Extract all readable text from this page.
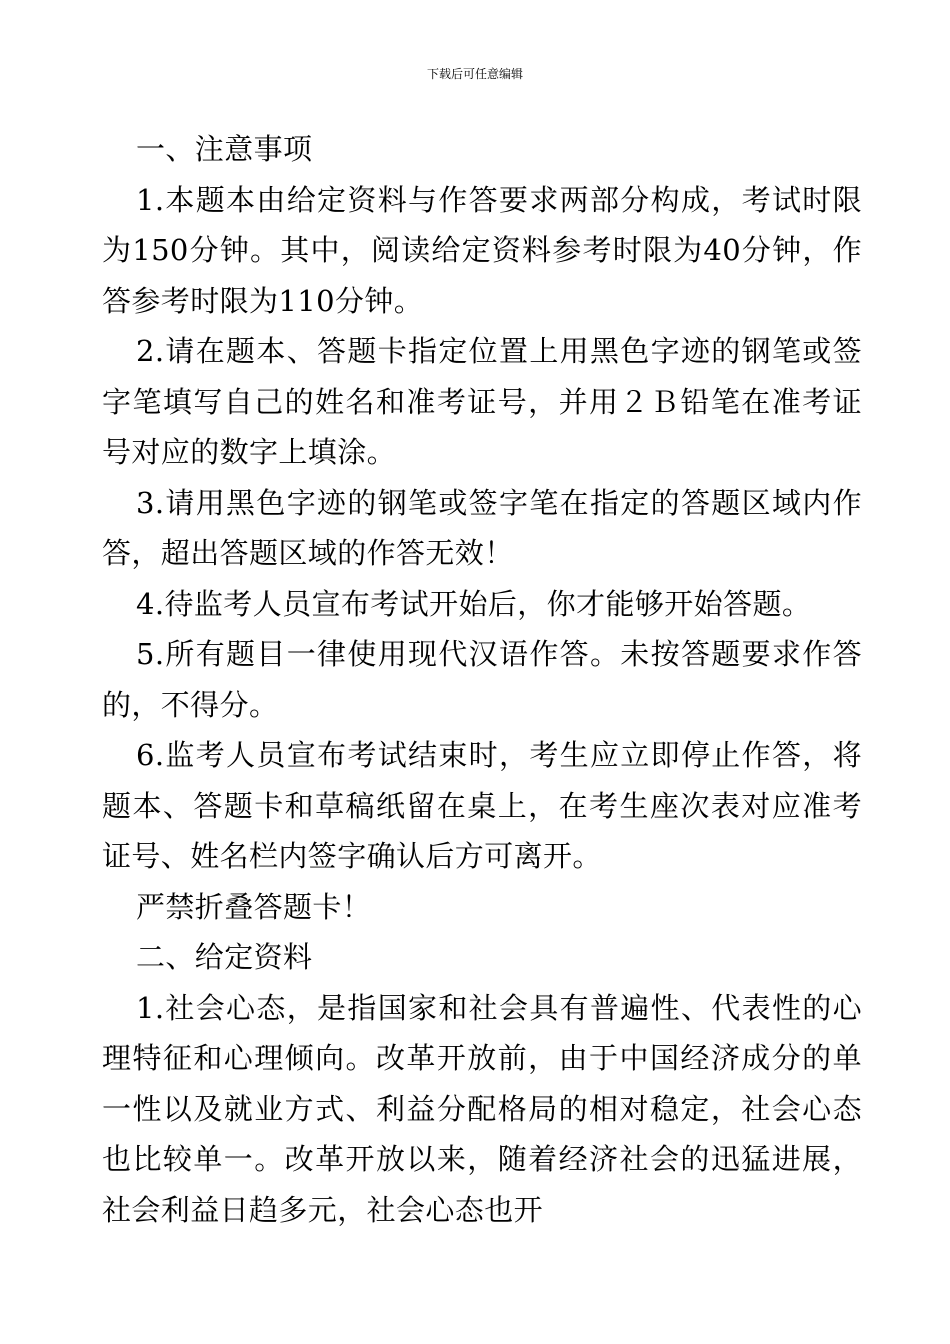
下载后可任意编辑

一、注意事项

1.本题本由给定资料与作答要求两部分构成，考试时限为150分钟。其中，阅读给定资料参考时限为40分钟，作答参考时限为110分钟。

2.请在题本、答题卡指定位置上用黑色字迹的钢笔或签字笔填写自己的姓名和准考证号，并用２Ｂ铅笔在准考证号对应的数字上填涂。

3.请用黑色字迹的钢笔或签字笔在指定的答题区域内作答，超出答题区域的作答无效！

4.待监考人员宣布考试开始后，你才能够开始答题。

5.所有题目一律使用现代汉语作答。未按答题要求作答的，不得分。

6.监考人员宣布考试结束时，考生应立即停止作答，将题本、答题卡和草稿纸留在桌上，在考生座次表对应准考证号、姓名栏内签字确认后方可离开。

严禁折叠答题卡！

二、给定资料

1.社会心态，是指国家和社会具有普遍性、代表性的心理特征和心理倾向。改革开放前，由于中国经济成分的单一性以及就业方式、利益分配格局的相对稳定，社会心态也比较单一。改革开放以来，随着经济社会的迅猛进展，社会利益日趋多元，社会心态也开
